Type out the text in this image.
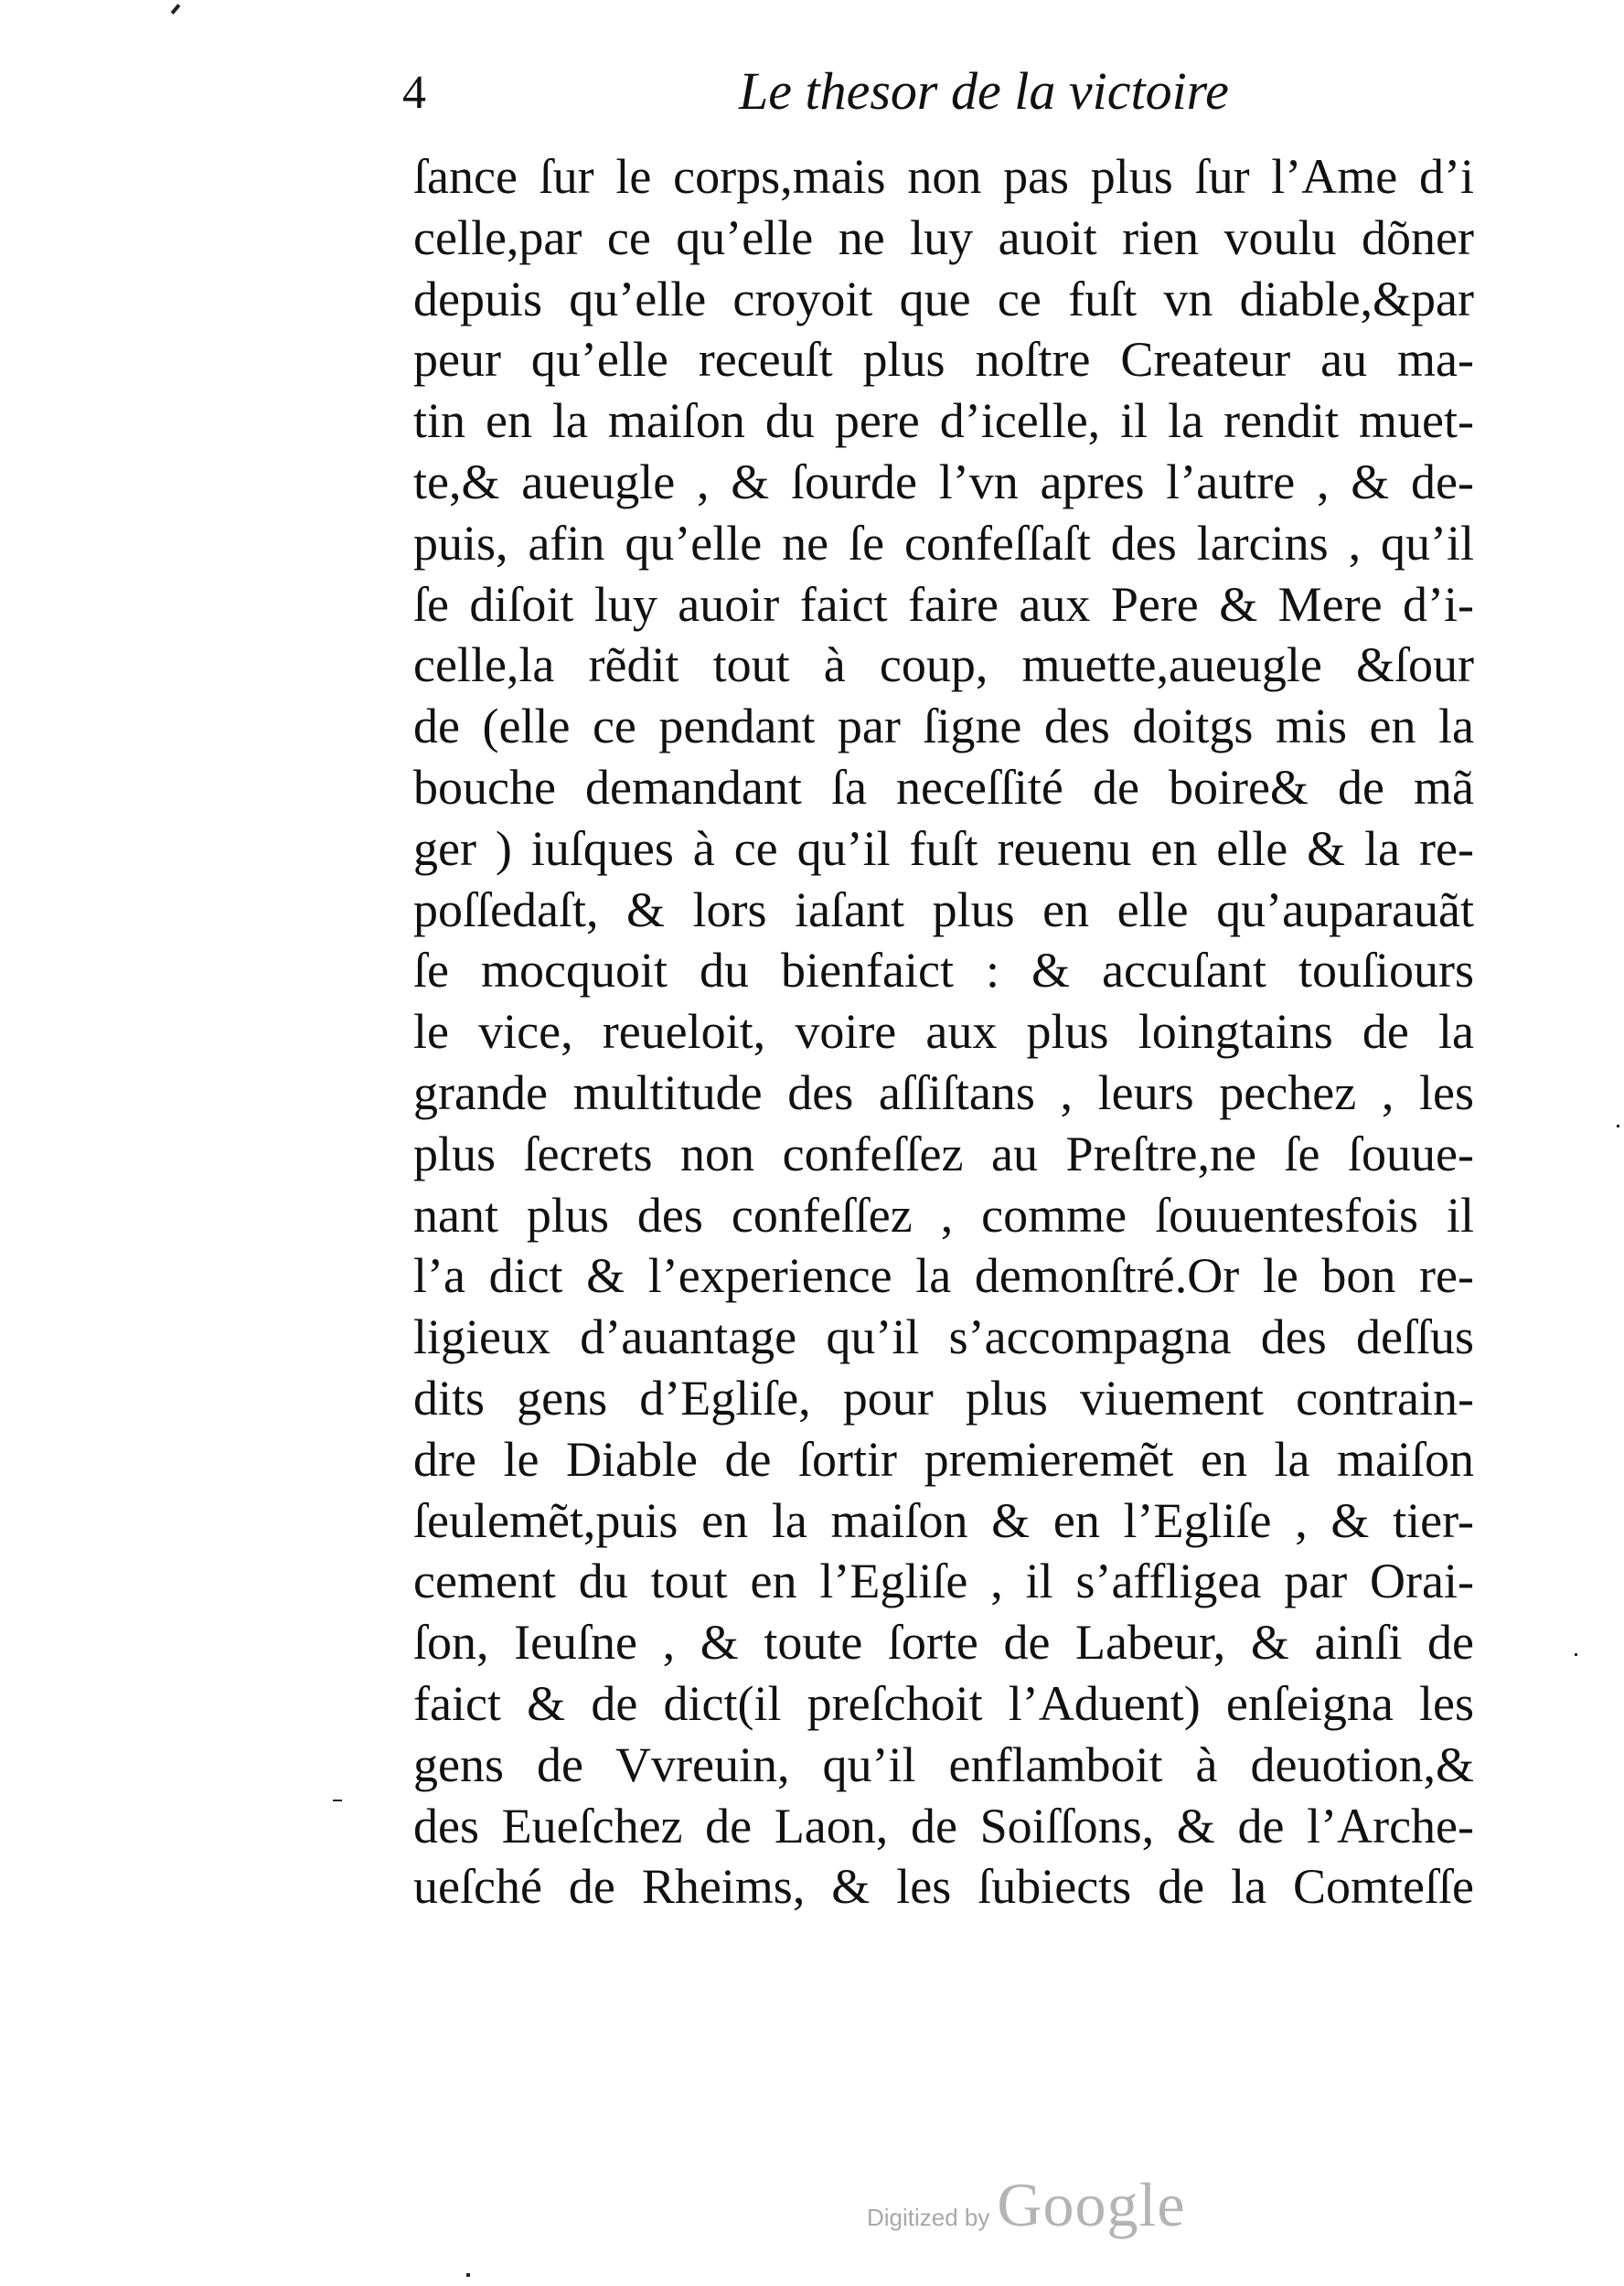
4	Le thesor de la victoire
ſance ſur le corps,mais non pas plus ſur l’Ame d’i
celle,par ce qu’elle ne luy auoit rien voulu dõner
depuis qu’elle croyoit que ce fuſt vn diable,&par
peur qu’elle receuſt plus noſtre Createur au ma-
tin en la maiſon du pere d’icelle, il la rendit muet-
te,& aueugle , & ſourde l’vn apres l’autre , & de-
puis, afin qu’elle ne ſe confeſſaſt des larcins , qu’il
ſe diſoit luy auoir faict faire aux Pere & Mere d’i-
celle,la rẽdit tout à coup, muette,aueugle &ſour
de (elle ce pendant par ſigne des doitgs mis en la
bouche demandant ſa neceſſité de boire& de mã
ger ) iuſques à ce qu’il fuſt reuenu en elle & la re-
poſſedaſt, & lors iaſant plus en elle qu’auparauãt
ſe mocquoit du bienfaict : & accuſant touſiours
le vice, reueloit, voire aux plus loingtains de la
grande multitude des aſſiſtans , leurs pechez , les
plus ſecrets non confeſſez au Preſtre,ne ſe ſouue-
nant plus des confeſſez , comme ſouuentesfois il
l’a dict & l’experience la demonſtré.Or le bon re-
ligieux d’auantage qu’il s’accompagna des deſſus
dits gens d’Egliſe, pour plus viuement contrain-
dre le Diable de ſortir premieremẽt en la maiſon
ſeulemẽt,puis en la maiſon & en l’Egliſe , & tier-
cement du tout en l’Egliſe , il s’affligea par Orai-
ſon, Ieuſne , & toute ſorte de Labeur, & ainſi de
faict & de dict(il preſchoit l’Aduent) enſeigna les
gens de Vvreuin, qu’il enflamboit à deuotion,&
des Eueſchez de Laon, de Soiſſons, & de l’Arche-
ueſché de Rheims, & les ſubiects de la Comteſſe
Digitized by Google
